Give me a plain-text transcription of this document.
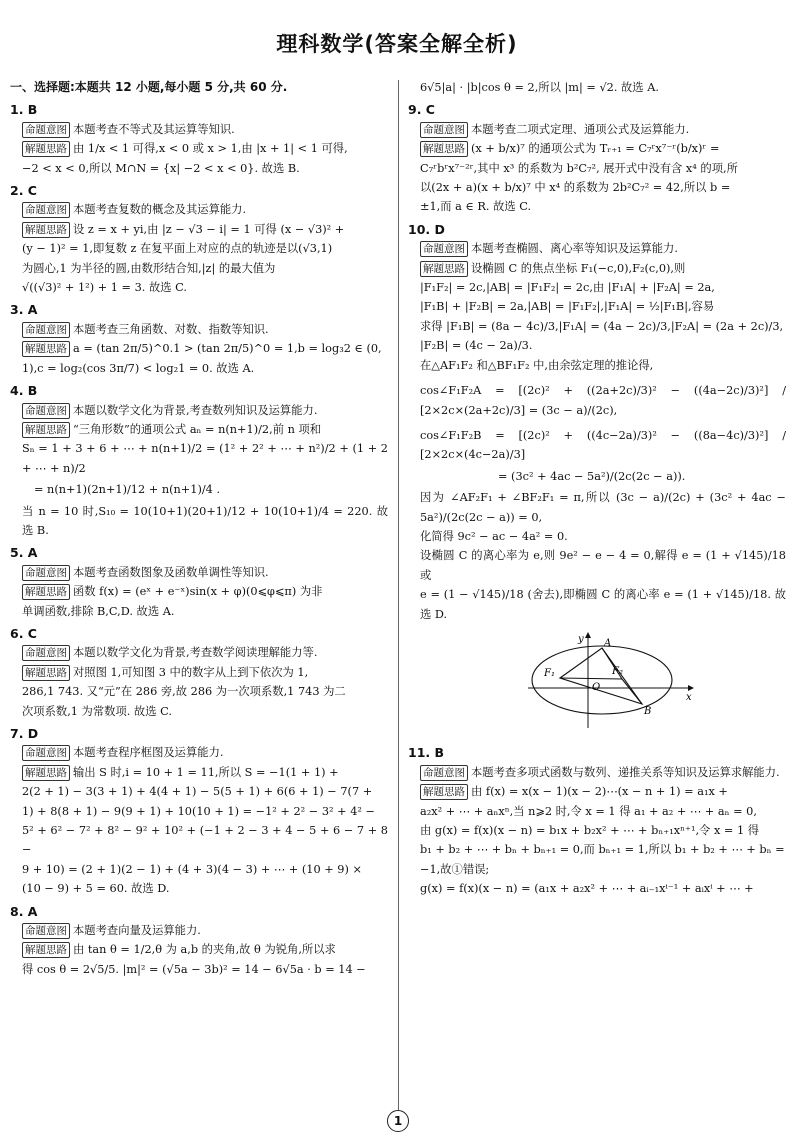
理科数学(答案全解全析)
一、选择题:本题共 12 小题,每小题 5 分,共 60 分.
1. B
命题意图 本题考查不等式及其运算等知识.
解题思路 由 1/x < 1 可得,x < 0 或 x > 1,由 |x + 1| < 1 可得,
−2 < x < 0,所以 M∩N = {x| −2 < x < 0}. 故选 B.
2. C
命题意图 本题考查复数的概念及其运算能力.
解题思路 设 z = x + yi,由 |z − √3 − i| = 1 可得 (x − √3)² +
(y − 1)² = 1,即复数 z 在复平面上对应的点的轨迹是以(√3,1)
为圆心,1 为半径的圆,由数形结合知,|z| 的最大值为
√((√3)² + 1²) + 1 = 3. 故选 C.
3. A
命题意图 本题考查三角函数、对数、指数等知识.
解题思路 a = (tan 2π/5)^0.1 > (tan 2π/5)^0 = 1,b = log₃2 ∈ (0,
1),c = log₂(cos 3π/7) < log₂1 = 0. 故选 A.
4. B
命题意图 本题以数学文化为背景,考查数列知识及运算能力.
解题思路 “三角形数”的通项公式 aₙ = n(n+1)/2,前 n 项和
Sₙ = 1 + 3 + 6 + ⋯ + n(n+1)/2 = (1² + 2² + ⋯ + n²)/2 + (1 + 2 + ⋯ + n)/2
= n(n+1)(2n+1)/12 + n(n+1)/4 .
当 n = 10 时,S₁₀ = 10(10+1)(20+1)/12 + 10(10+1)/4 = 220. 故选 B.
5. A
命题意图 本题考查函数图象及函数单调性等知识.
解题思路 函数 f(x) = (eˣ + e⁻ˣ)sin(x + φ)(0⩽φ⩽π) 为非
单调函数,排除 B,C,D. 故选 A.
6. C
命题意图 本题以数学文化为背景,考查数学阅读理解能力等.
解题思路 对照图 1,可知图 3 中的数字从上到下依次为 1,
286,1 743. 又“元”在 286 旁,故 286 为一次项系数,1 743 为二
次项系数,1 为常数项. 故选 C.
7. D
命题意图 本题考查程序框图及运算能力.
解题思路 输出 S 时,i = 10 + 1 = 11,所以 S = −1(1 + 1) +
2(2 + 1) − 3(3 + 1) + 4(4 + 1) − 5(5 + 1) + 6(6 + 1) − 7(7 +
1) + 8(8 + 1) − 9(9 + 1) + 10(10 + 1) = −1² + 2² − 3² + 4² −
5² + 6² − 7² + 8² − 9² + 10² + (−1 + 2 − 3 + 4 − 5 + 6 − 7 + 8 −
9 + 10) = (2 + 1)(2 − 1) + (4 + 3)(4 − 3) + ⋯ + (10 + 9) ×
(10 − 9) + 5 = 60. 故选 D.
8. A
命题意图 本题考查向量及运算能力.
解题思路 由 tan θ = 1/2,θ 为 a,b 的夹角,故 θ 为锐角,所以求
得 cos θ = 2√5/5. |m|² = (√5a − 3b)² = 14 − 6√5a · b = 14 −
6√5|a| · |b|cos θ = 2,所以 |m| = √2. 故选 A.
9. C
命题意图 本题考查二项式定理、通项公式及运算能力.
解题思路 (x + b/x)⁷ 的通项公式为 Tᵣ₊₁ = C₇ʳx⁷⁻ʳ(b/x)ʳ =
C₇ʳbʳx⁷⁻²ʳ,其中 x³ 的系数为 b²C₇², 展开式中没有含 x⁴ 的项,所
以(2x + a)(x + b/x)⁷ 中 x⁴ 的系数为 2b²C₇² = 42,所以 b =
±1,而 a ∈ R. 故选 C.
10. D
命题意图 本题考查椭圆、离心率等知识及运算能力.
解题思路 设椭圆 C 的焦点坐标 F₁(−c,0),F₂(c,0),则
|F₁F₂| = 2c,|AB| = |F₁F₂| = 2c,由 |F₁A| + |F₂A| = 2a,
|F₁B| + |F₂B| = 2a,|AB| = |F₁F₂|,|F₁A| = ½|F₁B|,容易
求得 |F₁B| = (8a − 4c)/3,|F₁A| = (4a − 2c)/3,|F₂A| = (2a + 2c)/3,
|F₂B| = (4c − 2a)/3.
在△AF₁F₂ 和△BF₁F₂ 中,由余弦定理的推论得,
cos∠F₁F₂A = [(2c)² + ((2a+2c)/3)² − ((4a−2c)/3)²] / [2×2c×(2a+2c)/3] = (3c − a)/(2c),
cos∠F₁F₂B = [(2c)² + ((4c−2a)/3)² − ((8a−4c)/3)²] / [2×2c×(4c−2a)/3]
= (3c² + 4ac − 5a²)/(2c(2c − a)).
因为 ∠AF₂F₁ + ∠BF₂F₁ = π,所以 (3c − a)/(2c) + (3c² + 4ac − 5a²)/(2c(2c − a)) = 0,
化简得 9c² − ac − 4a² = 0.
设椭圆 C 的离心率为 e,则 9e² − e − 4 = 0,解得 e = (1 + √145)/18 或
e = (1 − √145)/18 (舍去),即椭圆 C 的离心率 e = (1 + √145)/18. 故选 D.
y
x
O
A
B
F₁	F₂
11. B
命题意图 本题考查多项式函数与数列、递推关系等知识及运算求解能力.
解题思路 由 f(x) = x(x − 1)(x − 2)⋯(x − n + 1) = a₁x +
a₂x² + ⋯ + aₙxⁿ,当 n⩾2 时,令 x = 1 得 a₁ + a₂ + ⋯ + aₙ = 0,
由 g(x) = f(x)(x − n) = b₁x + b₂x² + ⋯ + bₙ₊₁xⁿ⁺¹,令 x = 1 得
b₁ + b₂ + ⋯ + bₙ + bₙ₊₁ = 0,而 bₙ₊₁ = 1,所以 b₁ + b₂ + ⋯ + bₙ =
−1,故①错误;
g(x) = f(x)(x − n) = (a₁x + a₂x² + ⋯ + aᵢ₋₁xⁱ⁻¹ + aᵢxⁱ + ⋯ +
1
